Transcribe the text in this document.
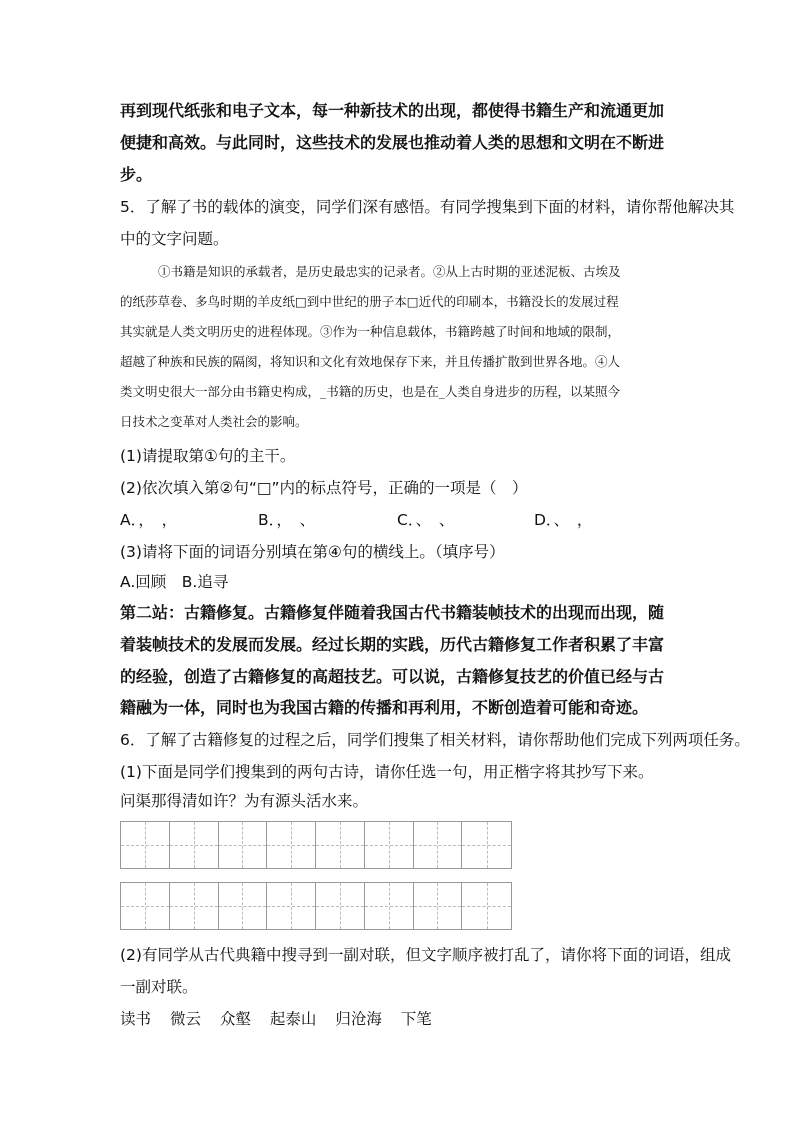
再到现代纸张和电子文本，每一种新技术的出现，都使得书籍生产和流通更加
便捷和高效。与此同时，这些技术的发展也推动着人类的思想和文明在不断进
步。
5．了解了书的载体的演变，同学们深有感悟。有同学搜集到下面的材料，请你帮他解决其
中的文字问题。
①书籍是知识的承载者，是历史最忠实的记录者。②从上古时期的亚述泥板、古埃及
的纸莎草卷、多鸟时期的羊皮纸□到中世纪的册子本□近代的印刷本，书籍没长的发展过程
其实就是人类文明历史的进程体现。③作为一种信息载体，书籍跨越了时间和地域的限制，
超越了种族和民族的隔阂，将知识和文化有效地保存下来，并且传播扩散到世界各地。④人
类文明史很大一部分由书籍史构成，_书籍的历史，也是在_人类自身进步的历程，以某照今
日技术之变革对人类社会的影响。
(1)请提取第①句的主干。
(2)依次填入第②句“□”内的标点符号，正确的一项是（　）
A．，　，	B．，　、	C．、　、	D．、　，
(3)请将下面的词语分别填在第④句的横线上。（填序号）
A.回顾　B.追寻
第二站：古籍修复。古籍修复伴随着我国古代书籍装帧技术的出现而出现，随
着装帧技术的发展而发展。经过长期的实践，历代古籍修复工作者积累了丰富
的经验，创造了古籍修复的高超技艺。可以说，古籍修复技艺的价值已经与古
籍融为一体，同时也为我国古籍的传播和再利用，不断创造着可能和奇迹。
6．了解了古籍修复的过程之后，同学们搜集了相关材料，请你帮助他们完成下列两项任务。
(1)下面是同学们搜集到的两句古诗，请你任选一句，用正楷字将其抄写下来。
问渠那得清如许？为有源头活水来。
(2)有同学从古代典籍中搜寻到一副对联，但文字顺序被打乱了，请你将下面的词语，组成
一副对联。
读书 微云 众壑 起泰山 归沧海 下笔
